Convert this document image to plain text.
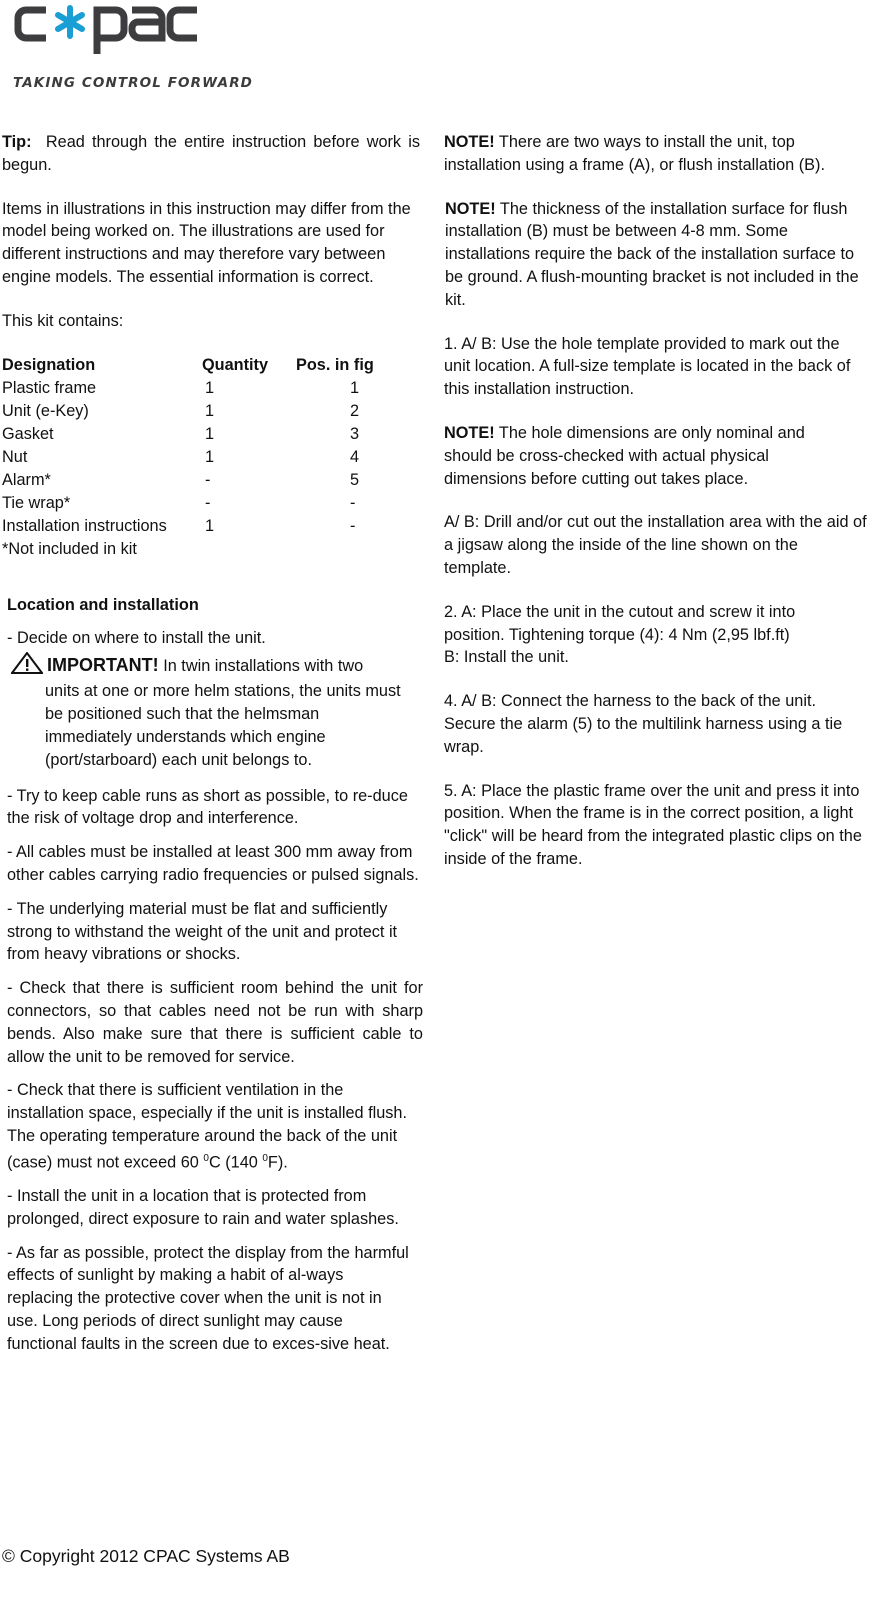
TAKING CONTROL FORWARD

Tip: Read through the entire instruction before work is begun.

Items in illustrations in this instruction may differ from the model being worked on. The illustrations are used for different instructions and may therefore vary between engine models. The essential information is correct.

This kit contains:

Designation	Quantity	Pos. in fig
Plastic frame	1	1
Unit (e-Key)	1	2
Gasket	1	3
Nut	1	4
Alarm*	-	5
Tie wrap*	-	-
Installation instructions	1	-

*Not included in kit

Location and installation

- Decide on where to install the unit.

IMPORTANT! In twin installations with two

units at one or more helm stations, the units must be positioned such that the helmsman immediately understands which engine (port/starboard) each unit belongs to.

- Try to keep cable runs as short as possible, to re-duce the risk of voltage drop and interference.

- All cables must be installed at least 300 mm away from other cables carrying radio frequencies or pulsed signals.

- The underlying material must be flat and sufficiently strong to withstand the weight of the unit and protect it from heavy vibrations or shocks.

- Check that there is sufficient room behind the unit for connectors, so that cables need not be run with sharp bends. Also make sure that there is sufficient cable to allow the unit to be removed for service.

- Check that there is sufficient ventilation in the installation space, especially if the unit is installed flush. The operating temperature around the back of the unit (case) must not exceed 60 $^0$C (140 $^0$F).

- Install the unit in a location that is protected from prolonged, direct exposure to rain and water splashes.

- As far as possible, protect the display from the harmful effects of sunlight by making a habit of al-ways replacing the protective cover when the unit is not in use. Long periods of direct sunlight may cause functional faults in the screen due to exces-sive heat.

NOTE! There are two ways to install the unit, top installation using a frame (A), or flush installation (B).

NOTE! The thickness of the installation surface for flush installation (B) must be between 4-8 mm. Some installations require the back of the installation surface to be ground. A flush-mounting bracket is not included in the kit.

1. A/ B: Use the hole template provided to mark out the unit location. A full-size template is located in the back of this installation instruction.

NOTE! The hole dimensions are only nominal and should be cross-checked with actual physical dimensions before cutting out takes place.

A/ B: Drill and/or cut out the installation area with the aid of a jigsaw along the inside of the line shown on the template.

2. A: Place the unit in the cutout and screw it into position. Tightening torque (4): 4 Nm (2,95 lbf.ft)

B: Install the unit.

4. A/ B: Connect the harness to the back of the unit. Secure the alarm (5) to the multilink harness using a tie wrap.

5. A: Place the plastic frame over the unit and press it into position. When the frame is in the correct position, a light "click" will be heard from the integrated plastic clips on the inside of the frame.

© Copyright 2012 CPAC Systems AB
